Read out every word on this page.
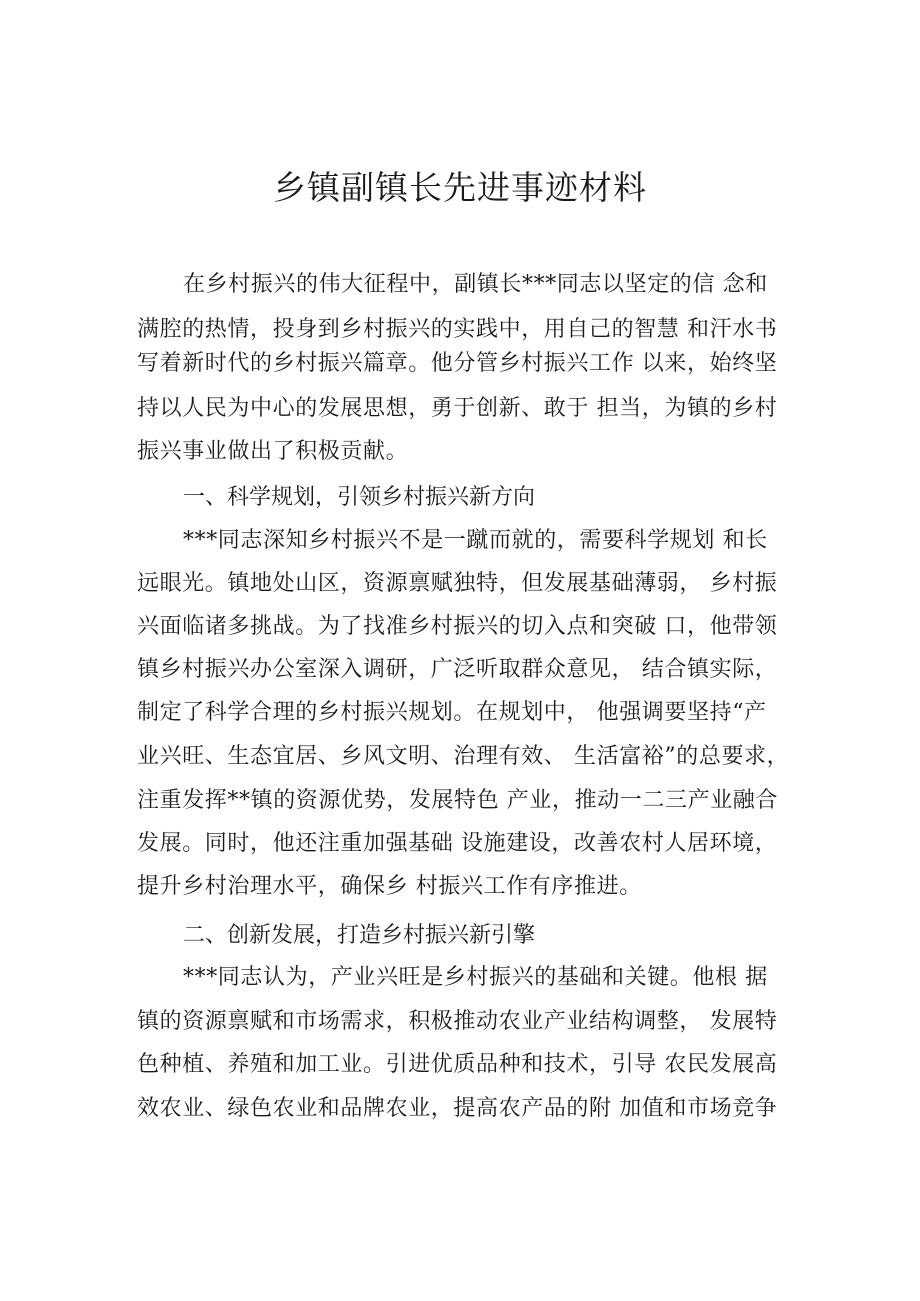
乡镇副镇长先进事迹材料
在乡村振兴的伟大征程中，副镇长***同志以坚定的信 念和
满腔的热情，投身到乡村振兴的实践中，用自己的智慧 和汗水书
写着新时代的乡村振兴篇章。他分管乡村振兴工作 以来，始终坚
持以人民为中心的发展思想，勇于创新、敢于 担当，为镇的乡村
振兴事业做出了积极贡献。
一、科学规划，引领乡村振兴新方向
***同志深知乡村振兴不是一蹴而就的，需要科学规划 和长
远眼光。镇地处山区，资源禀赋独特，但发展基础薄弱， 乡村振
兴面临诸多挑战。为了找准乡村振兴的切入点和突破 口，他带领
镇乡村振兴办公室深入调研，广泛听取群众意见， 结合镇实际，
制定了科学合理的乡村振兴规划。在规划中， 他强调要坚持“产
业兴旺、生态宜居、乡风文明、治理有效、 生活富裕”的总要求，
注重发挥**镇的资源优势，发展特色 产业，推动一二三产业融合
发展。同时，他还注重加强基础 设施建设，改善农村人居环境，
提升乡村治理水平，确保乡 村振兴工作有序推进。
二、创新发展，打造乡村振兴新引擎
***同志认为，产业兴旺是乡村振兴的基础和关键。他根 据
镇的资源禀赋和市场需求，积极推动农业产业结构调整， 发展特
色种植、养殖和加工业。引进优质品种和技术，引导 农民发展高
效农业、绿色农业和品牌农业，提高农产品的附 加值和市场竞争
